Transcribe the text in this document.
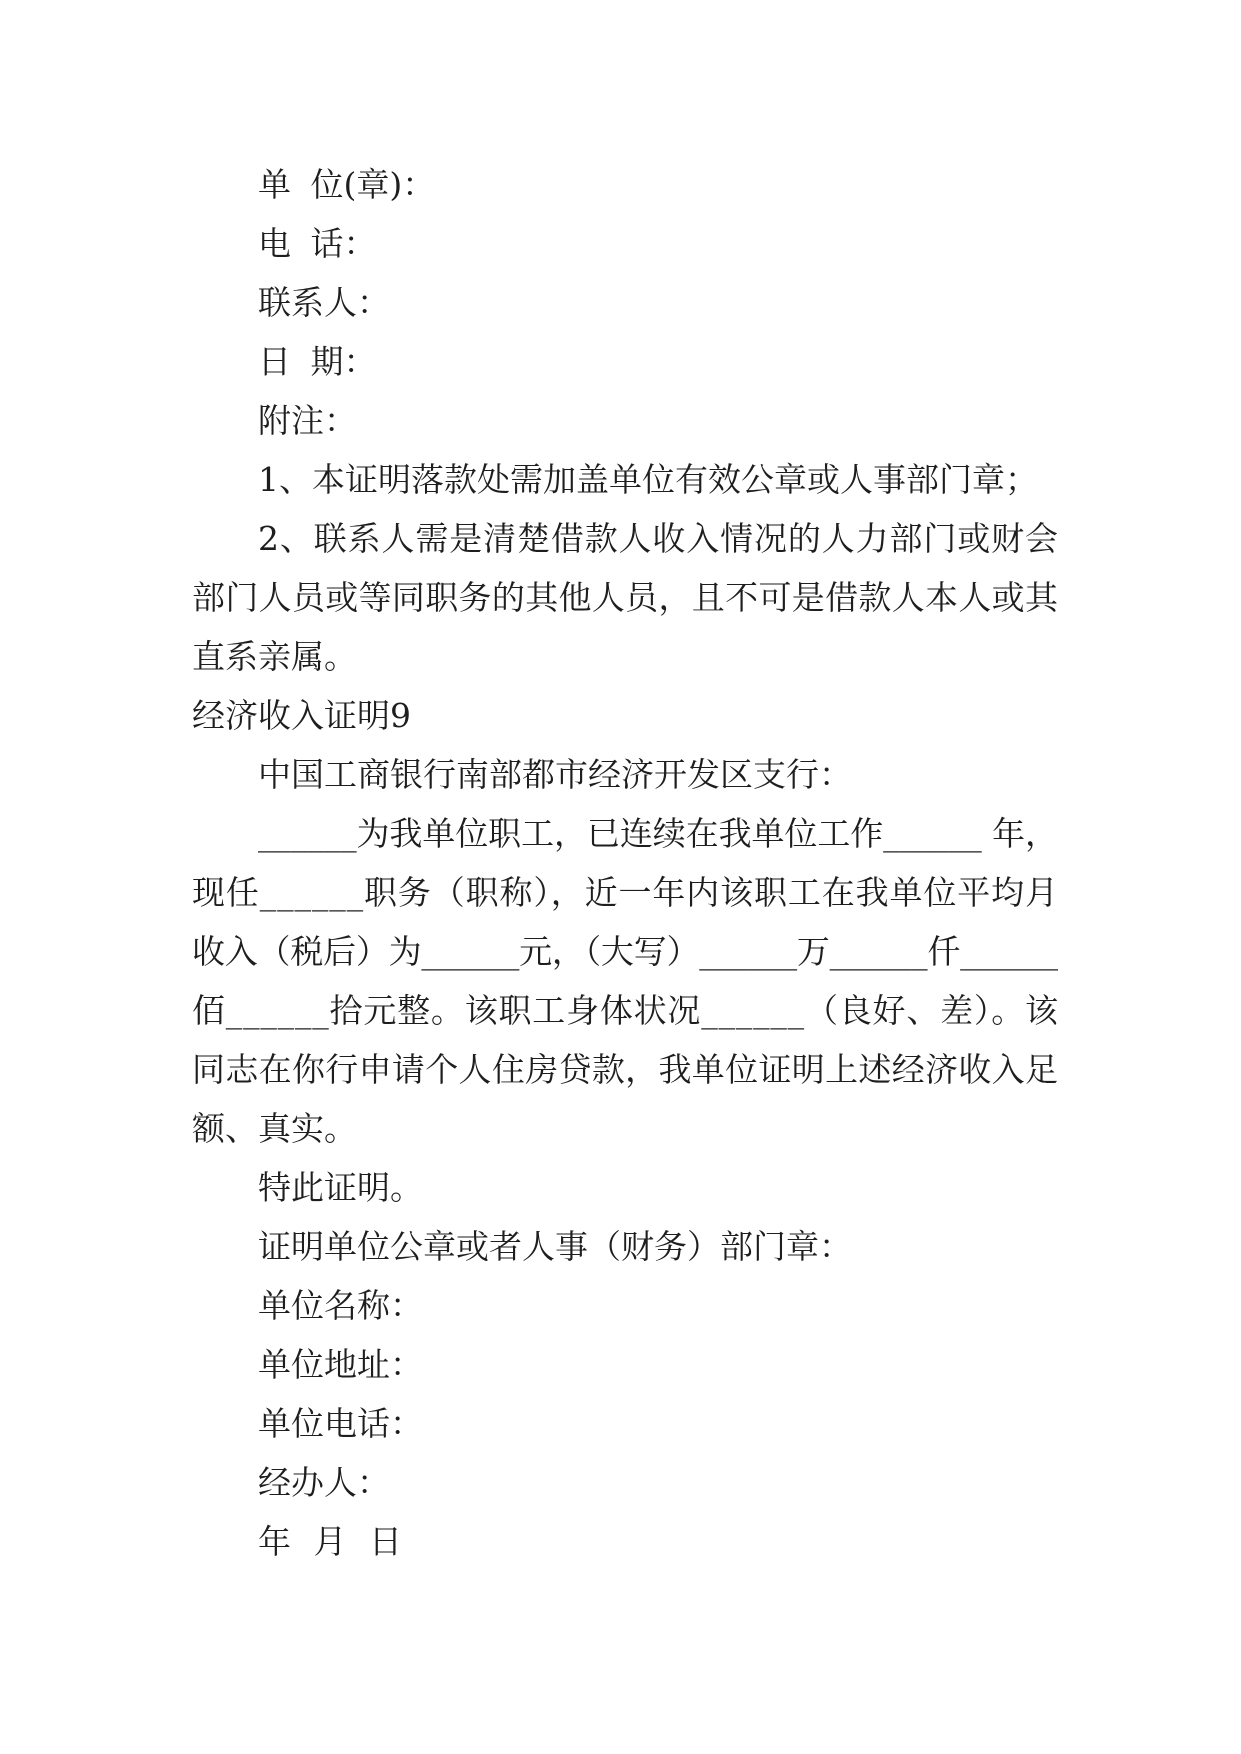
单 位(章)：
电 话：
联系人：
日 期：
附注：
1、本证明落款处需加盖单位有效公章或人事部门章；
2、联系人需是清楚借款人收入情况的人力部门或财会
部门人员或等同职务的其他人员，且不可是借款人本人或其
直系亲属。
经济收入证明9
中国工商银行南部都市经济开发区支行：
______为我单位职工，已连续在我单位工作______ 年，
现任______职务（职称），近一年内该职工在我单位平均月
收入（税后）为______元，（大写）______万______仟______
佰______拾元整。该职工身体状况______（良好、差）。该
同志在你行申请个人住房贷款，我单位证明上述经济收入足
额、真实。
特此证明。
证明单位公章或者人事（财务）部门章：
单位名称：
单位地址：
单位电话：
经办人：
年 月 日
